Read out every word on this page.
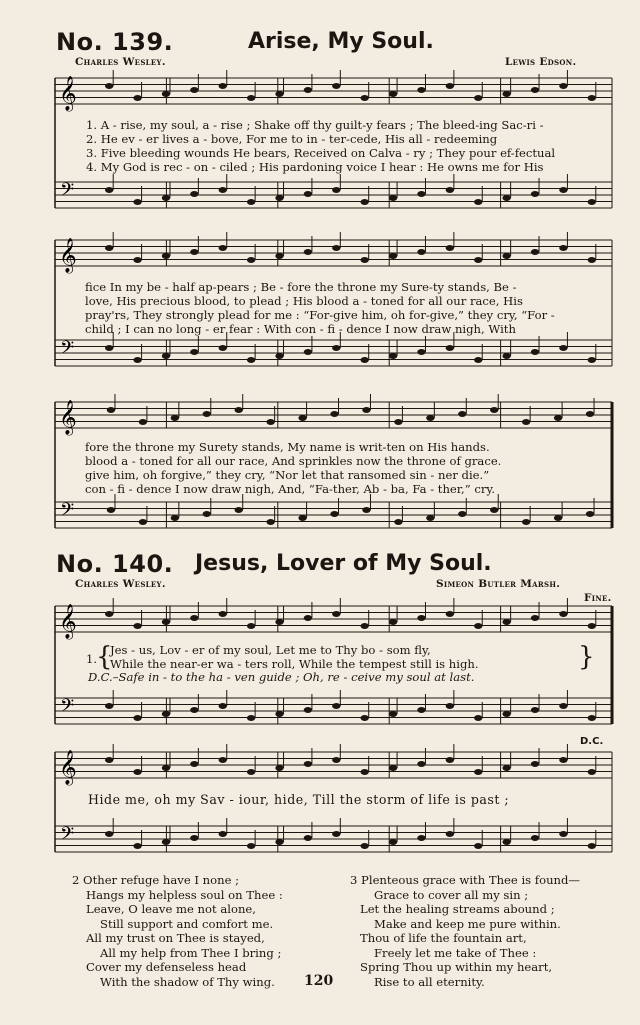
No. 139.	Arise, My Soul.
Charles Wesley.	Lewis Edson.
𝄞
𝄢
𝄞
𝄢
𝄞
𝄢
𝄞
𝄢
𝄞
𝄢
1. A - rise, my soul, a - rise ; Shake off thy guilt-y fears ; The bleed-ing Sac-ri -
2. He ev - er lives a - bove, For me to in - ter-cede, His all - redeeming
3. Five bleeding wounds He bears, Received on Calva - ry ; They pour ef-fectual
4. My God is rec - on - ciled ; His pardoning voice I hear : He owns me for His
fice In my be - half ap-pears ; Be - fore the throne my Sure-ty stands, Be -
love, His precious blood, to plead ; His blood a - toned for all our race, His
pray'rs, They strongly plead for me : “For-give him, oh for-give,” they cry, “For -
child ; I can no long - er fear : With con - fi - dence I now draw nigh, With
fore the throne my Surety stands, My name is writ-ten on His hands.
blood a - toned for all our race, And sprinkles now the throne of grace.
give him, oh forgive,” they cry, “Nor let that ransomed sin - ner die.”
con - fi - dence I now draw nigh, And, “Fa-ther, Ab - ba, Fa - ther,” cry.
No. 140. Jesus, Lover of My Soul.
Charles Wesley.	Simeon Butler Marsh.
Fine.
1.
{
Jes - us, Lov - er of my soul, Let me to Thy bo - som fly,
While the near-er wa - ters roll, While the tempest still is high.	}
D.C.–Safe in - to the ha - ven guide ; Oh, re - ceive my soul at last.
D.C.
Hide me, oh my Sav - iour, hide, Till the storm of life is past ;
2 Other refuge have I none ;
Hangs my helpless soul on Thee :
Leave, O leave me not alone,
Still support and comfort me.
All my trust on Thee is stayed,
All my help from Thee I bring ;
Cover my defenseless head
With the shadow of Thy wing.
3 Plenteous grace with Thee is found—
Grace to cover all my sin ;
Let the healing streams abound ;
Make and keep me pure within.
Thou of life the fountain art,
Freely let me take of Thee :
Spring Thou up within my heart,
Rise to all eternity.
120
